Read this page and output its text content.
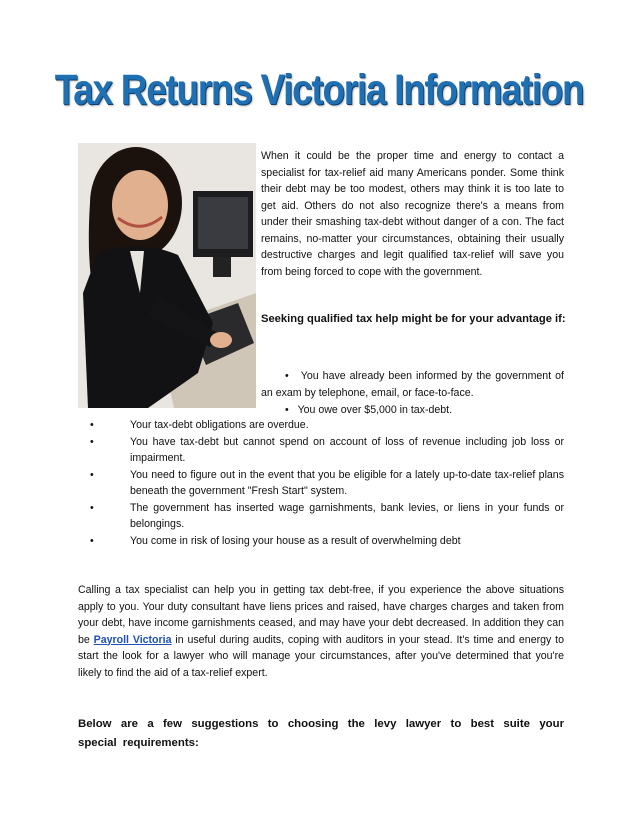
Tax Returns Victoria Information

When it could be the proper time and energy to contact a specialist for tax-relief aid many Americans ponder. Some think their debt may be too modest, others may think it is too late to get aid. Others do not also recognize there's a means from under their smashing tax-debt without danger of a con. The fact remains, no-matter your circumstances, obtaining their usually destructive charges and legit qualified tax-relief will save you from being forced to cope with the government.

Seeking qualified tax help might be for your advantage if:

• You have already been informed by the government of an exam by telephone, email, or face-to-face.

• You owe over $5,000 in tax-debt.

•	Your tax-debt obligations are overdue.
•	You have tax-debt but cannot spend on account of loss of revenue including job loss or impairment.
•	You need to figure out in the event that you be eligible for a lately up-to-date tax-relief plans beneath the government "Fresh Start" system.
•	The government has inserted wage garnishments, bank levies, or liens in your funds or belongings.
•	You come in risk of losing your house as a result of overwhelming debt

Calling a tax specialist can help you in getting tax debt-free, if you experience the above situations apply to you. Your duty consultant have liens prices and raised, have charges charges and taken from your debt, have income garnishments ceased, and may have your debt decreased. In addition they can be Payroll Victoria in useful during audits, coping with auditors in your stead. It's time and energy to start the look for a lawyer who will manage your circumstances, after you've determined that you're likely to find the aid of a tax-relief expert.

Below are a few suggestions to choosing the levy lawyer to best suite your special requirements:
